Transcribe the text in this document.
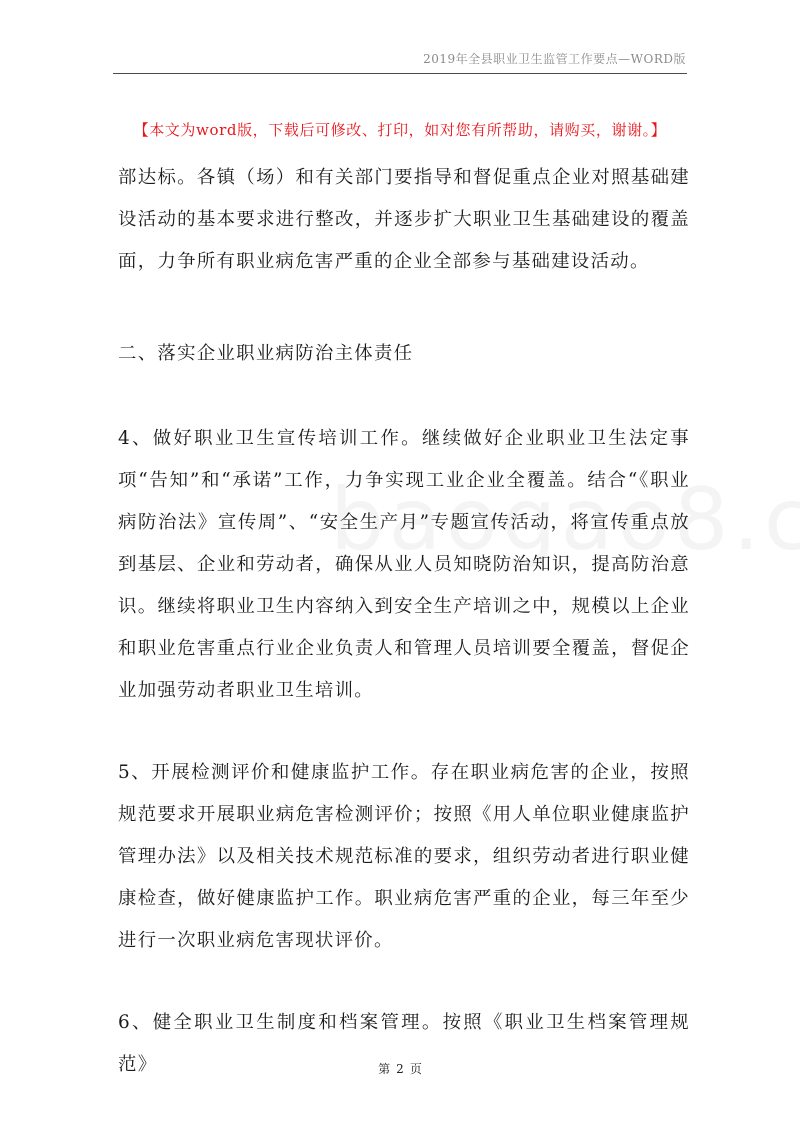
2019年全县职业卫生监管工作要点—WORD版
【本文为word版，下载后可修改、打印，如对您有所帮助，请购买，谢谢。】

部达标。各镇（场）和有关部门要指导和督促重点企业对照基础建设活动的基本要求进行整改，并逐步扩大职业卫生基础建设的覆盖面，力争所有职业病危害严重的企业全部参与基础建设活动。

二、落实企业职业病防治主体责任

4、做好职业卫生宣传培训工作。继续做好企业职业卫生法定事项“告知”和“承诺”工作，力争实现工业企业全覆盖。结合“《职业病防治法》宣传周”、“安全生产月”专题宣传活动，将宣传重点放到基层、企业和劳动者，确保从业人员知晓防治知识，提高防治意识。继续将职业卫生内容纳入到安全生产培训之中，规模以上企业和职业危害重点行业企业负责人和管理人员培训要全覆盖，督促企业加强劳动者职业卫生培训。

5、开展检测评价和健康监护工作。存在职业病危害的企业，按照规范要求开展职业病危害检测评价；按照《用人单位职业健康监护管理办法》以及相关技术规范标准的要求，组织劳动者进行职业健康检查，做好健康监护工作。职业病危害严重的企业，每三年至少进行一次职业病危害现状评价。

6、健全职业卫生制度和档案管理。按照《职业卫生档案管理规范》	第 2 页
